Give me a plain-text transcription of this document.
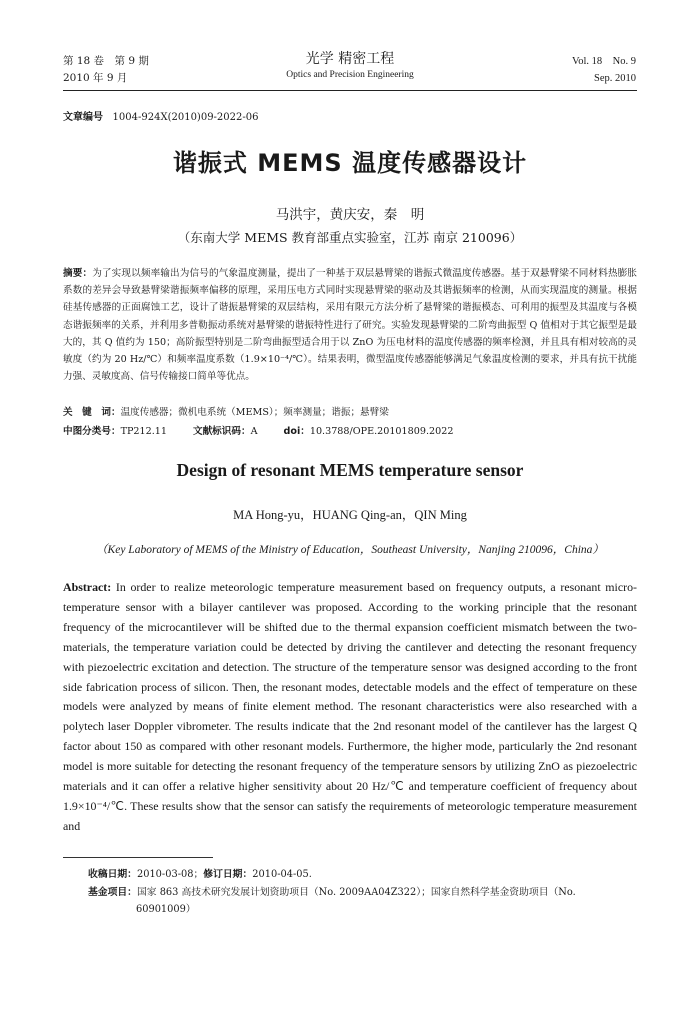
第 18 卷　第 9 期
2010 年 9 月
光学 精密工程
Optics and Precision Engineering
Vol. 18　No. 9
Sep. 2010
文章编号 1004-924X(2010)09-2022-06
谐振式 MEMS 温度传感器设计
马洪宇，黄庆安，秦　明
（东南大学 MEMS 教育部重点实验室，江苏 南京 210096）
摘要：为了实现以频率输出为信号的气象温度测量，提出了一种基于双层悬臂梁的谐振式微温度传感器。基于双悬臂梁不同材料热膨胀系数的差异会导致悬臂梁谐振频率偏移的原理，采用压电方式同时实现悬臂梁的驱动及其谐振频率的检测，从而实现温度的测量。根据硅基传感器的正面腐蚀工艺，设计了谐振悬臂梁的双层结构，采用有限元方法分析了悬臂梁的谐振模态、可利用的振型及其温度与各模态谐振频率的关系，并利用多普勒振动系统对悬臂梁的谐振特性进行了研究。实验发现悬臂梁的二阶弯曲振型 Q 值相对于其它振型是最大的，其 Q 值约为 150；高阶振型特别是二阶弯曲振型适合用于以 ZnO 为压电材料的温度传感器的频率检测，并且具有相对较高的灵敏度（约为 20 Hz/℃）和频率温度系数（1.9×10⁻⁴/℃）。结果表明，微型温度传感器能够满足气象温度检测的要求，并具有抗干扰能力强、灵敏度高、信号传输接口简单等优点。
关　键　词：温度传感器；微机电系统（MEMS）；频率测量；谐振；悬臂梁
中图分类号：TP212.11	文献标识码：A	doi：10.3788/OPE.20101809.2022
Design of resonant MEMS temperature sensor
MA Hong-yu，HUANG Qing-an，QIN Ming
（Key Laboratory of MEMS of the Ministry of Education，Southeast University，Nanjing 210096，China）
Abstract: In order to realize meteorologic temperature measurement based on frequency outputs, a resonant micro-temperature sensor with a bilayer cantilever was proposed. According to the working principle that the resonant frequency of the microcantilever will be shifted due to the thermal expansion coefficient mismatch between the two-materials, the temperature variation could be detected by driving the cantilever and detecting the resonant frequency with piezoelectric excitation and detection. The structure of the temperature sensor was designed according to the front side fabrication process of silicon. Then, the resonant modes, detectable models and the effect of temperature on these models were analyzed by means of finite element method. The resonant characteristics were also researched with a polytech laser Doppler vibrometer. The results indicate that the 2nd resonant model of the cantilever has the largest Q factor about 150 as compared with other resonant models. Furthermore, the higher mode, particularly the 2nd resonant model is more suitable for detecting the resonant frequency of the temperature sensors by utilizing ZnO as piezoelectric materials and it can offer a relative higher sensitivity about 20 Hz/℃ and temperature coefficient of frequency about 1.9×10⁻⁴/℃. These results show that the sensor can satisfy the requirements of meteorologic temperature measurement and
收稿日期：2010-03-08；修订日期：2010-04-05.
基金项目：国家 863 高技术研究发展计划资助项目（No. 2009AA04Z322）；国家自然科学基金资助项目（No.
60901009）
